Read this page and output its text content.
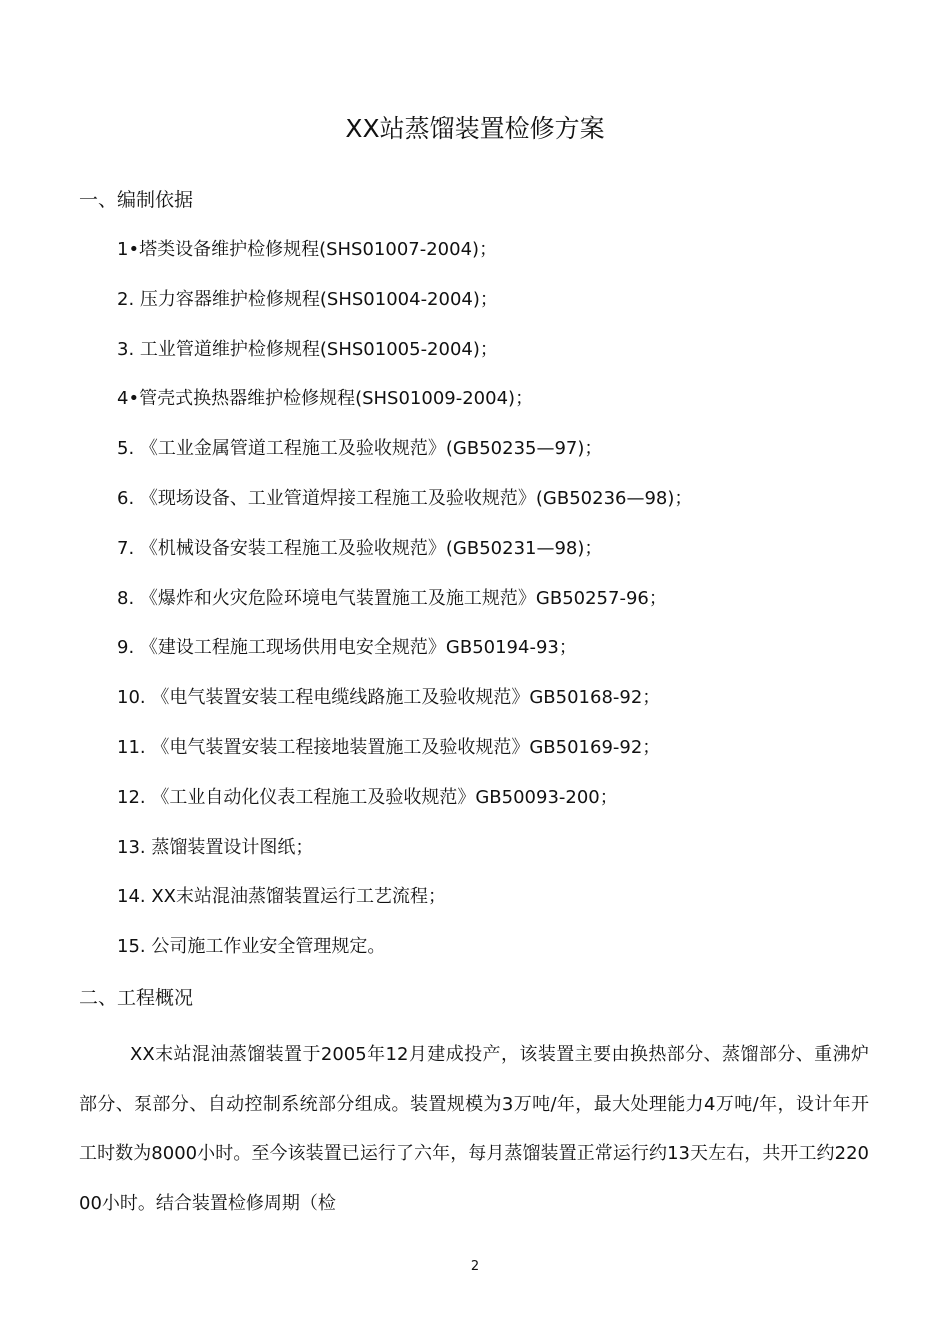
XX站蒸馏装置检修方案
一、编制依据
1•塔类设备维护检修规程(SHS01007-2004)；
2. 压力容器维护检修规程(SHS01004-2004)；
3. 工业管道维护检修规程(SHS01005-2004)；
4•管壳式换热器维护检修规程(SHS01009-2004)；
5. 《工业金属管道工程施工及验收规范》(GB50235—97)；
6. 《现场设备、工业管道焊接工程施工及验收规范》(GB50236—98)；
7. 《机械设备安装工程施工及验收规范》(GB50231—98)；
8. 《爆炸和火灾危险环境电气装置施工及施工规范》GB50257-96；
9. 《建设工程施工现场供用电安全规范》GB50194-93；
10. 《电气装置安装工程电缆线路施工及验收规范》GB50168-92；
11. 《电气装置安装工程接地装置施工及验收规范》GB50169-92；
12. 《工业自动化仪表工程施工及验收规范》GB50093-200；
13. 蒸馏装置设计图纸；
14. XX末站混油蒸馏装置运行工艺流程；
15. 公司施工作业安全管理规定。
二、工程概况

XX末站混油蒸馏装置于2005年12月建成投产，该装置主要由换热部分、蒸馏部分、重沸炉部分、泵部分、自动控制系统部分组成。装置规模为3万吨/年，最大处理能力4万吨/年，设计年开工时数为8000小时。至今该装置已运行了六年，每月蒸馏装置正常运行约13天左右，共开工约22000小时。结合装置检修周期（检

2
